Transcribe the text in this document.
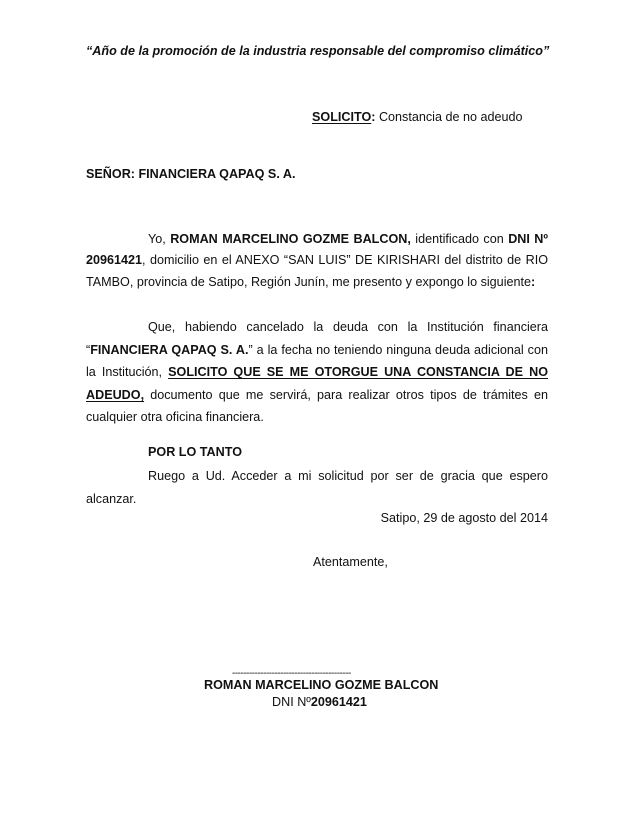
“Año de la promoción de la industria responsable del compromiso climático”
SOLICITO: Constancia de no adeudo
SEÑOR: FINANCIERA QAPAQ S. A.
Yo, ROMAN MARCELINO GOZME BALCON, identificado con DNI Nº
20961421, domicilio en el ANEXO “SAN LUIS” DE KIRISHARI del distrito de RIO
TAMBO, provincia de Satipo, Región Junín, me presento y expongo lo siguiente:
Que, habiendo cancelado la deuda con la Institución financiera
“FINANCIERA QAPAQ S. A.” a la fecha no teniendo ninguna deuda adicional con
la Institución, SOLICITO QUE SE ME OTORGUE UNA CONSTANCIA DE NO
ADEUDO, documento que me servirá, para realizar otros tipos de trámites en
cualquier otra oficina financiera.
POR LO TANTO
Ruego a Ud. Acceder a mi solicitud por ser de gracia que espero
alcanzar.
Satipo, 29 de agosto del 2014
Atentamente,
------------------------------------------
ROMAN MARCELINO GOZME BALCON
DNI Nº20961421
